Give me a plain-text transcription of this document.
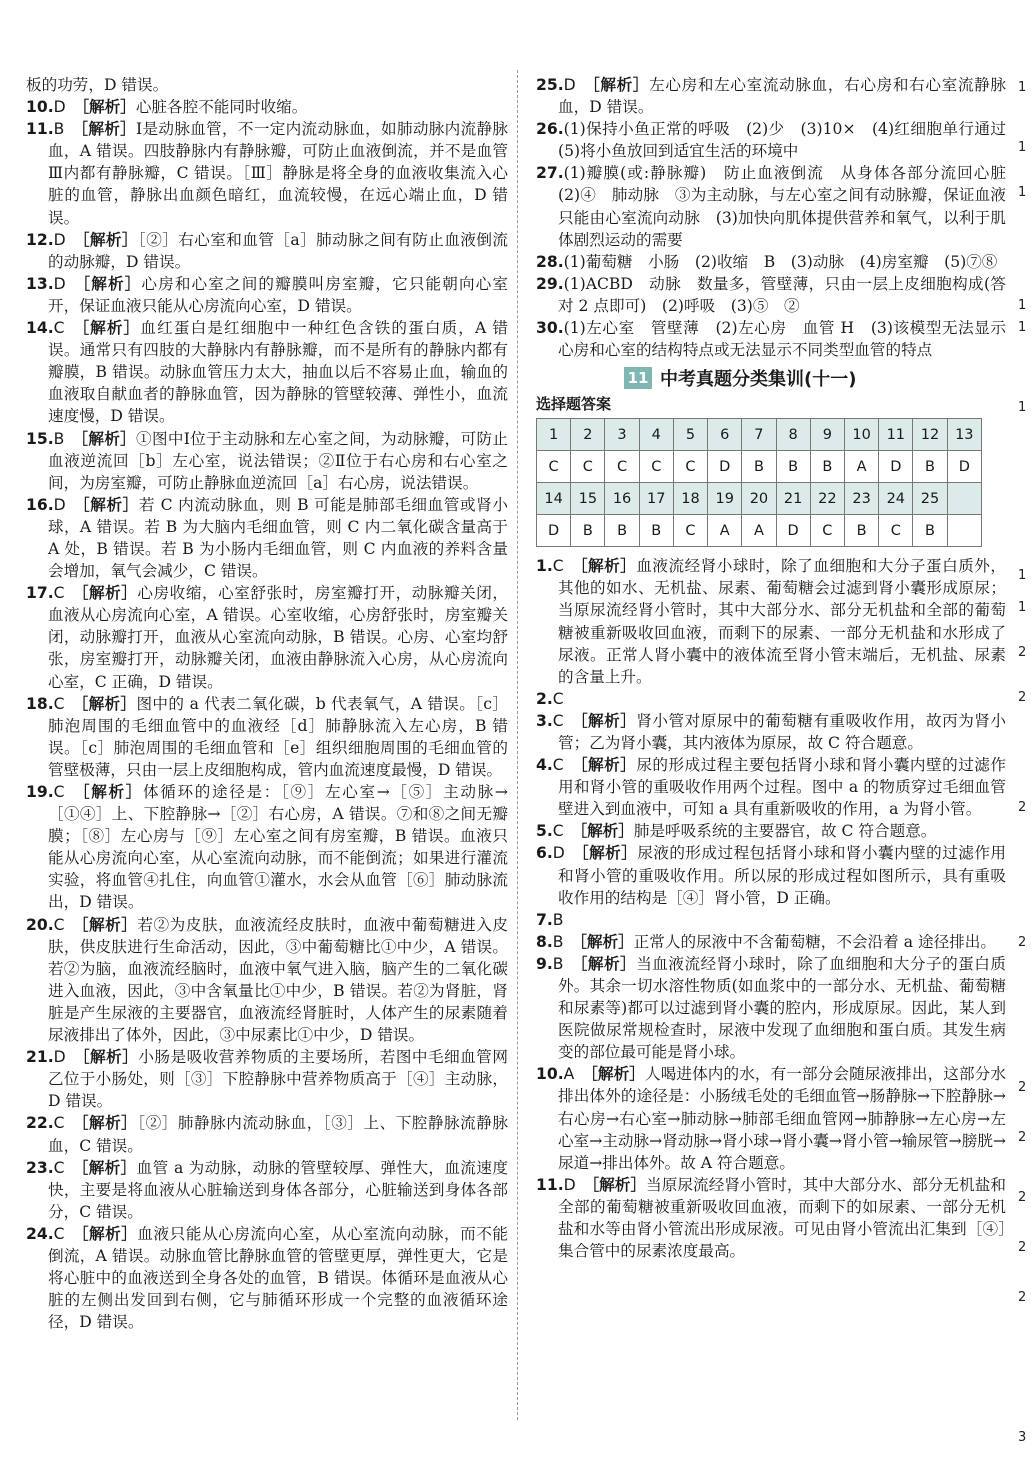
板的功劳，D 错误。

10.D  ［解析］心脏各腔不能同时收缩。

11.B  ［解析］Ⅰ是动脉血管，不一定内流动脉血，如肺动脉内流静脉血，A 错误。四肢静脉内有静脉瓣，可防止血液倒流，并不是血管Ⅲ内都有静脉瓣，C 错误。［Ⅲ］静脉是将全身的血液收集流入心脏的血管，静脉出血颜色暗红，血流较慢，在远心端止血，D 错误。

12.D  ［解析］［②］右心室和血管［a］肺动脉之间有防止血液倒流的动脉瓣，D 错误。

13.D  ［解析］心房和心室之间的瓣膜叫房室瓣，它只能朝向心室开，保证血液只能从心房流向心室，D 错误。

14.C  ［解析］血红蛋白是红细胞中一种红色含铁的蛋白质，A 错误。通常只有四肢的大静脉内有静脉瓣，而不是所有的静脉内都有瓣膜，B 错误。动脉血管压力太大，抽血以后不容易止血，输血的血液取自献血者的静脉血管，因为静脉的管壁较薄、弹性小，血流速度慢，D 错误。

15.B  ［解析］①图中Ⅰ位于主动脉和左心室之间，为动脉瓣，可防止血液逆流回［b］左心室，说法错误；②Ⅱ位于右心房和右心室之间，为房室瓣，可防止静脉血逆流回［a］右心房，说法错误。

16.D  ［解析］若 C 内流动脉血，则 B 可能是肺部毛细血管或肾小球，A 错误。若 B 为大脑内毛细血管，则 C 内二氧化碳含量高于 A 处，B 错误。若 B 为小肠内毛细血管，则 C 内血液的养料含量会增加，氧气会减少，C 错误。

17.C  ［解析］心房收缩，心室舒张时，房室瓣打开，动脉瓣关闭，血液从心房流向心室，A 错误。心室收缩，心房舒张时，房室瓣关闭，动脉瓣打开，血液从心室流向动脉，B 错误。心房、心室均舒张，房室瓣打开，动脉瓣关闭，血液由静脉流入心房，从心房流向心室，C 正确，D 错误。

18.C  ［解析］图中的 a 代表二氧化碳，b 代表氧气，A 错误。［c］肺泡周围的毛细血管中的血液经［d］肺静脉流入左心房，B 错误。［c］肺泡周围的毛细血管和［e］组织细胞周围的毛细血管的管壁极薄，只由一层上皮细胞构成，管内血流速度最慢，D 错误。

19.C  ［解析］体循环的途径是：［⑨］左心室→［⑤］主动脉→［①④］上、下腔静脉→［②］右心房，A 错误。⑦和⑧之间无瓣膜；［⑧］左心房与［⑨］左心室之间有房室瓣，B 错误。血液只能从心房流向心室，从心室流向动脉，而不能倒流；如果进行灌流实验，将血管④扎住，向血管①灌水，水会从血管［⑥］肺动脉流出，D 错误。

20.C  ［解析］若②为皮肤，血液流经皮肤时，血液中葡萄糖进入皮肤，供皮肤进行生命活动，因此，③中葡萄糖比①中少，A 错误。若②为脑，血液流经脑时，血液中氧气进入脑，脑产生的二氧化碳进入血液，因此，③中含氧量比①中少，B 错误。若②为肾脏，肾脏是产生尿液的主要器官，血液流经肾脏时，人体产生的尿素随着尿液排出了体外，因此，③中尿素比①中少，D 错误。

21.D  ［解析］小肠是吸收营养物质的主要场所，若图中毛细血管网乙位于小肠处，则［③］下腔静脉中营养物质高于［④］主动脉，D 错误。

22.C  ［解析］［②］肺静脉内流动脉血，［③］上、下腔静脉流静脉血，C 错误。

23.C  ［解析］血管 a 为动脉，动脉的管壁较厚、弹性大，血流速度快，主要是将血液从心脏输送到身体各部分，心脏输送到身体各部分，C 错误。

24.C  ［解析］血液只能从心房流向心室，从心室流向动脉，而不能倒流，A 错误。动脉血管比静脉血管的管壁更厚，弹性更大，它是将心脏中的血液送到全身各处的血管，B 错误。体循环是血液从心脏的左侧出发回到右侧，它与肺循环形成一个完整的血液循环途径，D 错误。

25.D  ［解析］左心房和左心室流动脉血，右心房和右心室流静脉血，D 错误。

26.(1)保持小鱼正常的呼吸　(2)少　(3)10×　(4)红细胞单行通过　(5)将小鱼放回到适宜生活的环境中

27.(1)瓣膜(或:静脉瓣)　防止血液倒流　从身体各部分流回心脏　(2)④　肺动脉　③为主动脉，与左心室之间有动脉瓣，保证血液只能由心室流向动脉　(3)加快向肌体提供营养和氧气，以利于肌体剧烈运动的需要

28.(1)葡萄糖　小肠　(2)收缩　B　(3)动脉　(4)房室瓣　(5)⑦⑧

29.(1)ACBD　动脉　数量多，管壁薄，只由一层上皮细胞构成(答对 2 点即可)　(2)呼吸　(3)⑤　②

30.(1)左心室　管壁薄　(2)左心房　血管 H　(3)该模型无法显示心房和心室的结构特点或无法显示不同类型血管的特点

11 中考真题分类集训(十一)
选择题答案
1	2	3	4	5	6	7	8	9	10	11	12	13
C	C	C	C	C	D	B	B	B	A	D	B	D
14	15	16	17	18	19	20	21	22	23	24	25	
D	B	B	B	C	A	A	D	C	B	C	B	

1.C  ［解析］血液流经肾小球时，除了血细胞和大分子蛋白质外，其他的如水、无机盐、尿素、葡萄糖会过滤到肾小囊形成原尿；当原尿流经肾小管时，其中大部分水、部分无机盐和全部的葡萄糖被重新吸收回血液，而剩下的尿素、一部分无机盐和水形成了尿液。正常人肾小囊中的液体流至肾小管末端后，无机盐、尿素的含量上升。

2.C

3.C  ［解析］肾小管对原尿中的葡萄糖有重吸收作用，故丙为肾小管；乙为肾小囊，其内液体为原尿，故 C 符合题意。

4.C  ［解析］尿的形成过程主要包括肾小球和肾小囊内壁的过滤作用和肾小管的重吸收作用两个过程。图中 a 的物质穿过毛细血管壁进入到血液中，可知 a 具有重新吸收的作用，a 为肾小管。

5.C  ［解析］肺是呼吸系统的主要器官，故 C 符合题意。

6.D  ［解析］尿液的形成过程包括肾小球和肾小囊内壁的过滤作用和肾小管的重吸收作用。所以尿的形成过程如图所示，具有重吸收作用的结构是［④］肾小管，D 正确。

7.B

8.B  ［解析］正常人的尿液中不含葡萄糖，不会沿着 a 途径排出。

9.B  ［解析］当血液流经肾小球时，除了血细胞和大分子的蛋白质外。其余一切水溶性物质(如血浆中的一部分水、无机盐、葡萄糖和尿素等)都可以过滤到肾小囊的腔内，形成原尿。因此，某人到医院做尿常规检查时，尿液中发现了血细胞和蛋白质。其发生病变的部位最可能是肾小球。

10.A  ［解析］人喝进体内的水，有一部分会随尿液排出，这部分水排出体外的途径是：小肠绒毛处的毛细血管→肠静脉→下腔静脉→右心房→右心室→肺动脉→肺部毛细血管网→肺静脉→左心房→左心室→主动脉→肾动脉→肾小球→肾小囊→肾小管→输尿管→膀胱→尿道→排出体外。故 A 符合题意。

11.D  ［解析］当原尿流经肾小管时，其中大部分水、部分无机盐和全部的葡萄糖被重新吸收回血液，而剩下的如尿素、一部分无机盐和水等由肾小管流出形成尿液。可见由肾小管流出汇集到［④］集合管中的尿素浓度最高。

1
1
1
1
1
1
1
1
2
2
2
2
2
2
2
2
2
3
